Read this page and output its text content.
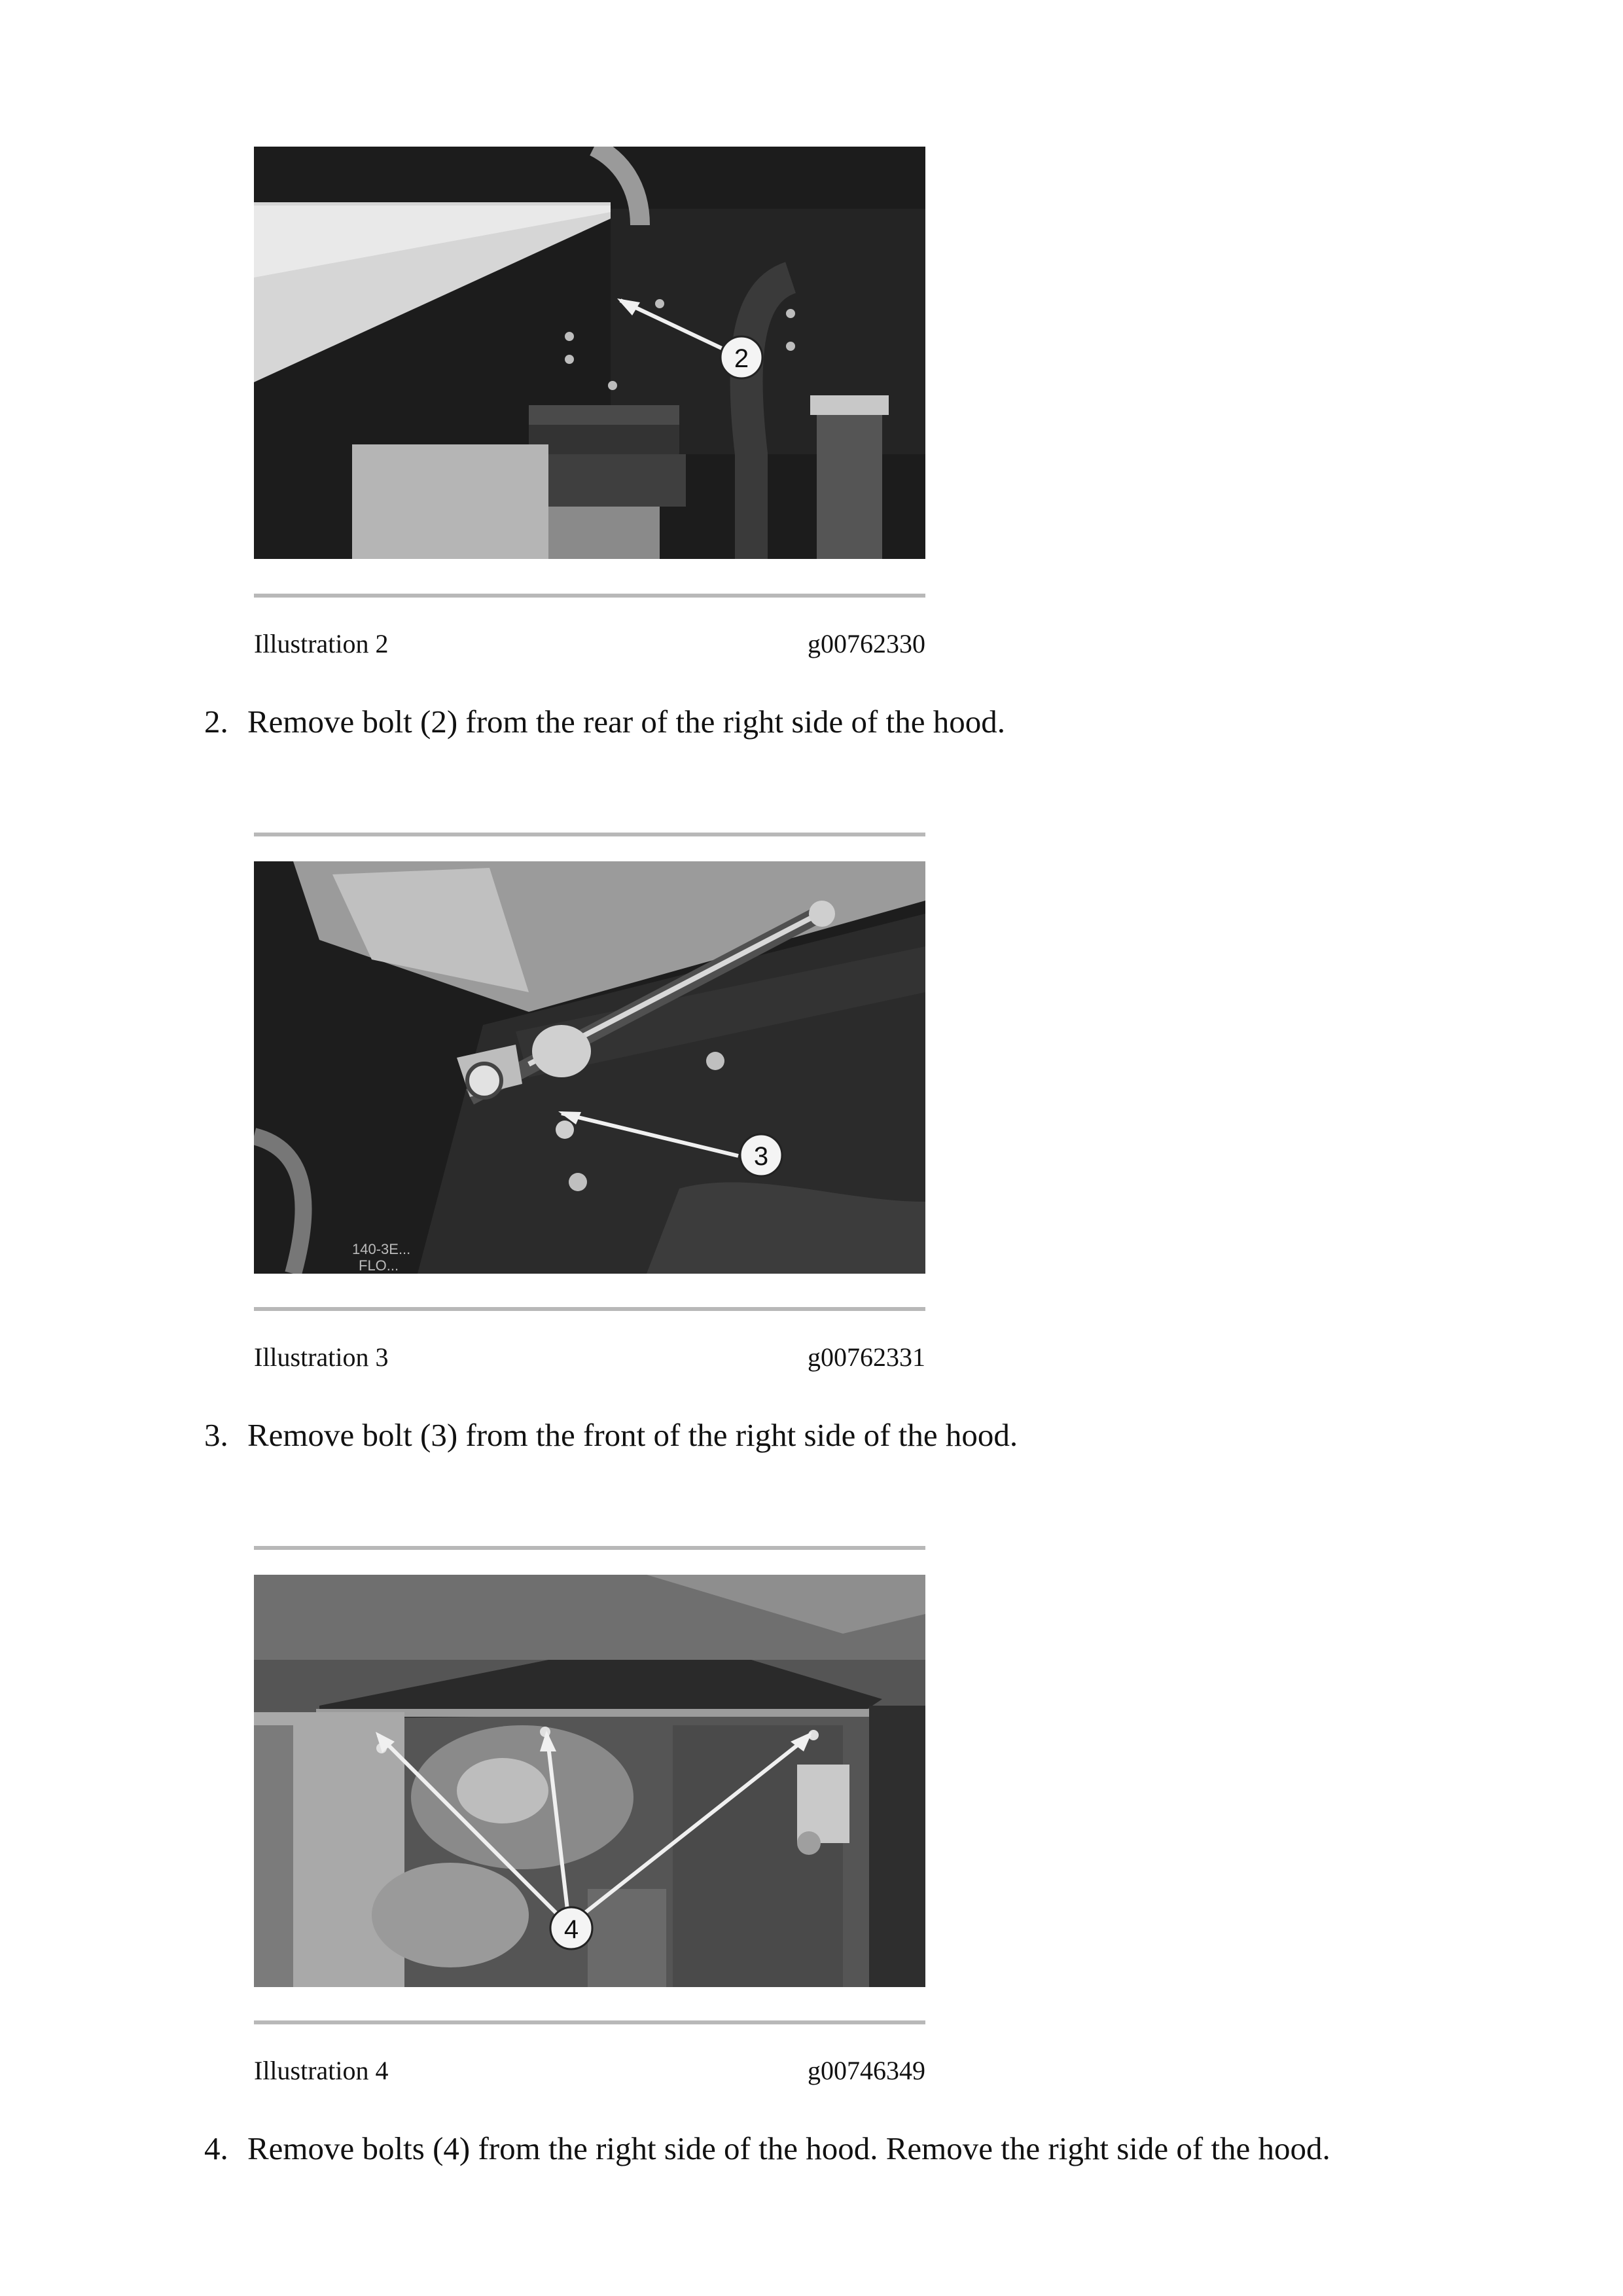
2
Illustration 2	g00762330
2. Remove bolt (2) from the rear of the right side of the hood.
3
140-3E...
FLO...
Illustration 3	g00762331
3. Remove bolt (3) from the front of the right side of the hood.
4
Illustration 4	g00746349
4. Remove bolts (4) from the right side of the hood. Remove the right side of the hood.
